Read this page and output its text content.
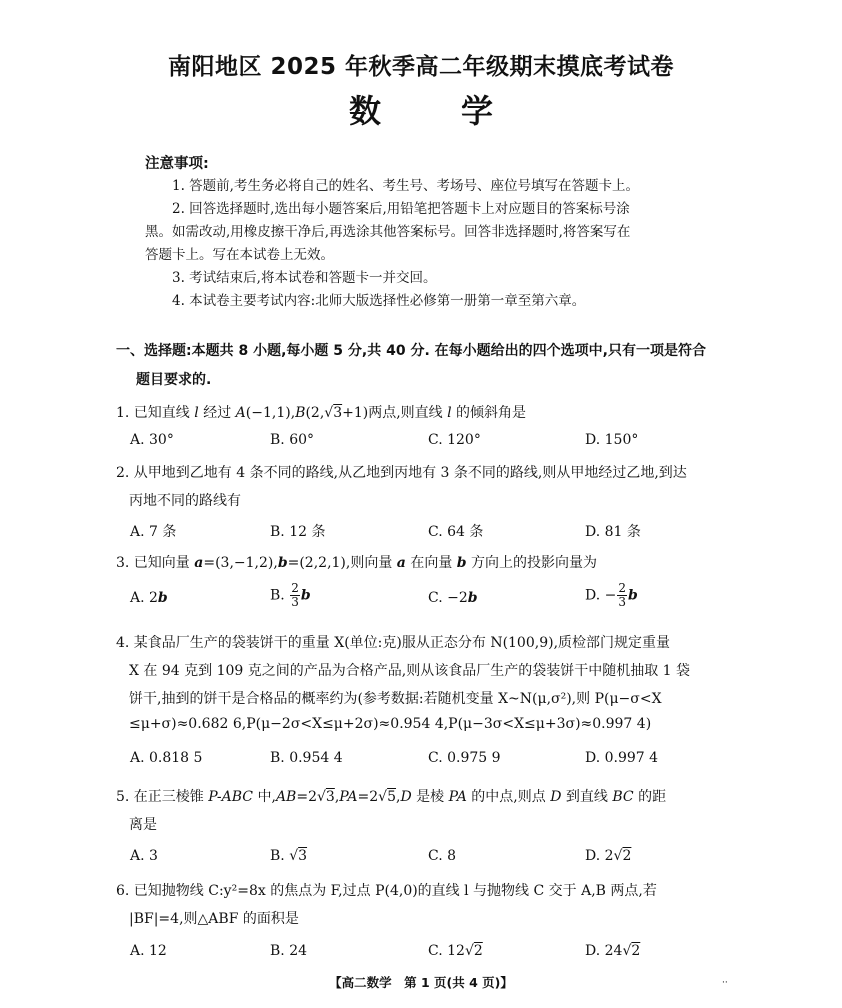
南阳地区 2025 年秋季高二年级期末摸底考试卷
数	学
注意事项:
1. 答题前,考生务必将自己的姓名、考生号、考场号、座位号填写在答题卡上。
2. 回答选择题时,选出每小题答案后,用铅笔把答题卡上对应题目的答案标号涂
黑。如需改动,用橡皮擦干净后,再选涂其他答案标号。回答非选择题时,将答案写在
答题卡上。写在本试卷上无效。
3. 考试结束后,将本试卷和答题卡一并交回。
4. 本试卷主要考试内容:北师大版选择性必修第一册第一章至第六章。
一、选择题:本题共 8 小题,每小题 5 分,共 40 分. 在每小题给出的四个选项中,只有一项是符合
题目要求的.
1. 已知直线 l 经过 A(−1,1),B(2,√3+1)两点,则直线 l 的倾斜角是
A. 30°	B. 60°	C. 120°	D. 150°
2. 从甲地到乙地有 4 条不同的路线,从乙地到丙地有 3 条不同的路线,则从甲地经过乙地,到达
丙地不同的路线有
A. 7 条	B. 12 条	C. 64 条	D. 81 条
3. 已知向量 a=(3,−1,2),b=(2,2,1),则向量 a 在向量 b 方向上的投影向量为
A. 2b	B. $\frac{2}{3}$ b	C. −2b	D. − $\frac{2}{3}$ b
4. 某食品厂生产的袋装饼干的重量 X(单位:克)服从正态分布 N(100,9),质检部门规定重量
X 在 94 克到 109 克之间的产品为合格产品,则从该食品厂生产的袋装饼干中随机抽取 1 袋
饼干,抽到的饼干是合格品的概率约为(参考数据:若随机变量 X~N(μ,σ²),则 P(μ−σ<X
≤μ+σ)≈0.682 6,P(μ−2σ<X≤μ+2σ)≈0.954 4,P(μ−3σ<X≤μ+3σ)≈0.997 4)
A. 0.818 5	B. 0.954 4	C. 0.975 9	D. 0.997 4
5. 在正三棱锥 P-ABC 中,AB=2√3,PA=2√5,D 是棱 PA 的中点,则点 D 到直线 BC 的距
离是
A. 3	B. √3	C. 8	D. 2√2
6. 已知抛物线 C:y²=8x 的焦点为 F,过点 P(4,0)的直线 l 与抛物线 C 交于 A,B 两点,若
|BF|=4,则△ABF 的面积是
A. 12	B. 24	C. 12√2	D. 24√2
【高二数学　第 1 页(共 4 页)】	··
